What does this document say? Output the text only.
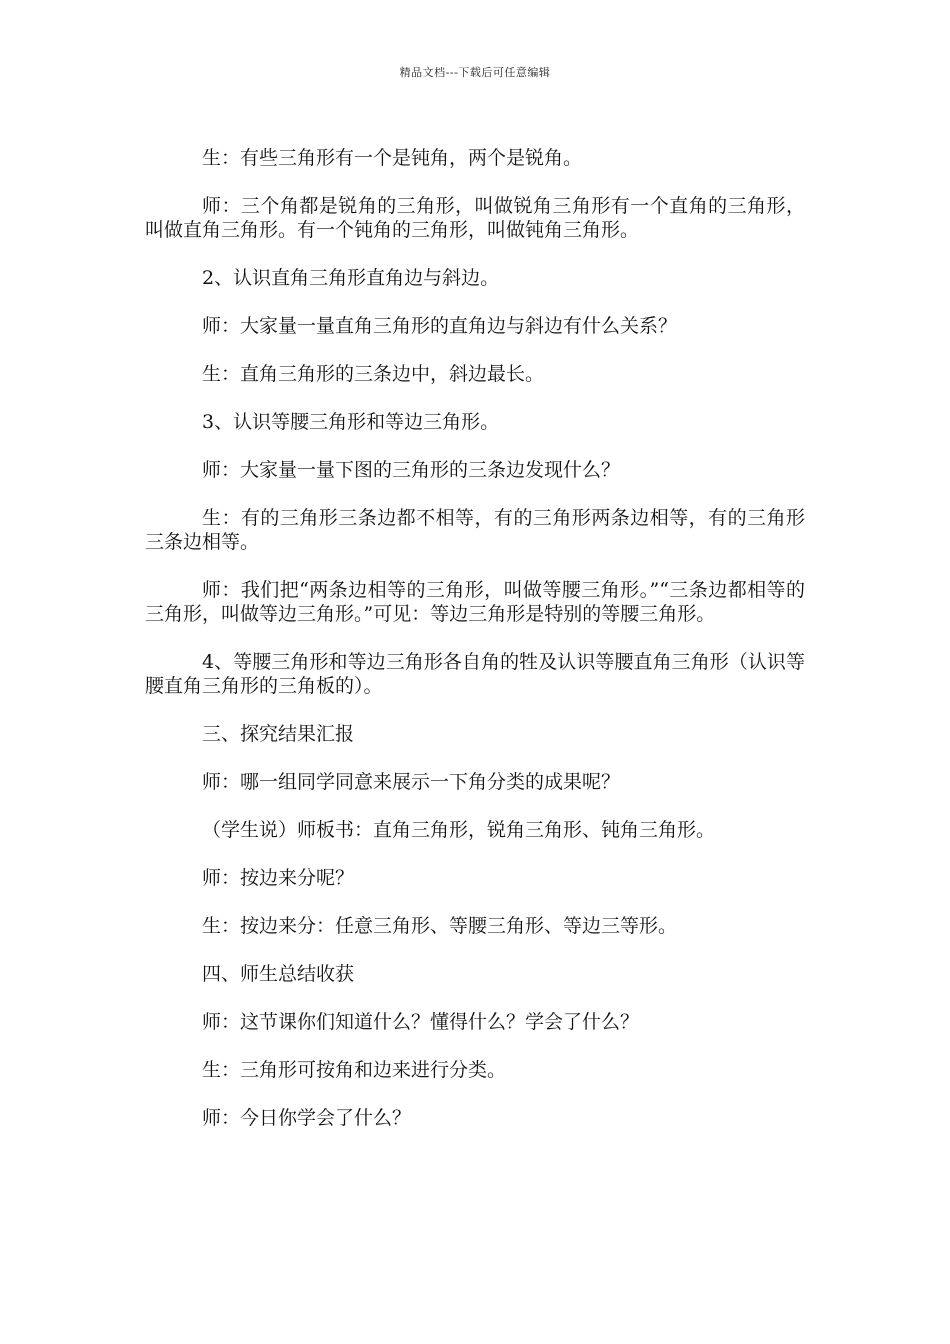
精品文档---下载后可任意编辑

生：有些三角形有一个是钝角，两个是锐角。

师：三个角都是锐角的三角形，叫做锐角三角形有一个直角的三角形，叫做直角三角形。有一个钝角的三角形，叫做钝角三角形。

2、认识直角三角形直角边与斜边。

师：大家量一量直角三角形的直角边与斜边有什么关系？

生：直角三角形的三条边中，斜边最长。

3、认识等腰三角形和等边三角形。

师：大家量一量下图的三角形的三条边发现什么？

生：有的三角形三条边都不相等，有的三角形两条边相等，有的三角形三条边相等。

师：我们把“两条边相等的三角形，叫做等腰三角形。”“三条边都相等的三角形，叫做等边三角形。”可见：等边三角形是特别的等腰三角形。

4、等腰三角形和等边三角形各自角的牲及认识等腰直角三角形（认识等腰直角三角形的三角板的）。

三、探究结果汇报

师：哪一组同学同意来展示一下角分类的成果呢？

（学生说）师板书：直角三角形，锐角三角形、钝角三角形。

师：按边来分呢？

生：按边来分：任意三角形、等腰三角形、等边三等形。

四、师生总结收获

师：这节课你们知道什么？懂得什么？学会了什么？

生：三角形可按角和边来进行分类。

师：今日你学会了什么？
